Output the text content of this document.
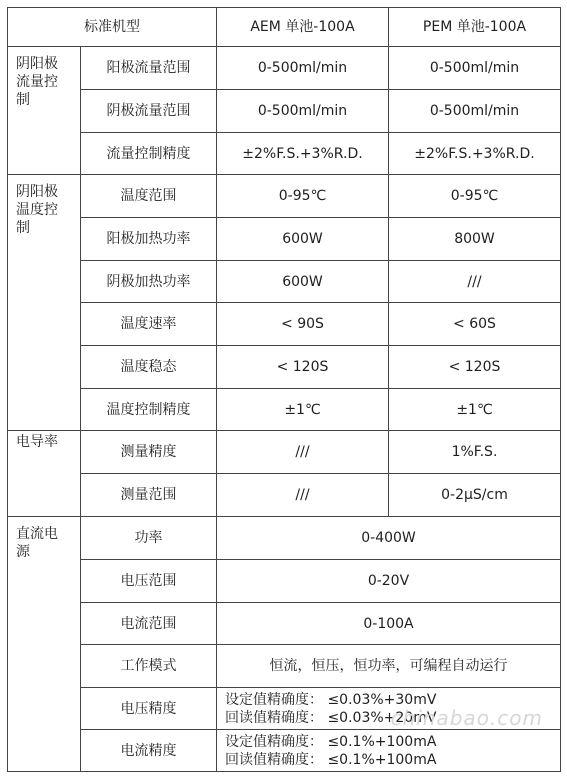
标准机型		AEM 单池-100A	PEM 单池-100A

阴阳极
流量控
制	阳极流量范围	0-500ml/min	0-500ml/min
	阴极流量范围	0-500ml/min	0-500ml/min
	流量控制精度	±2%F.S.+3%R.D.	±2%F.S.+3%R.D.

阴阳极
温度控
制	温度范围	0-95℃	0-95℃
	阳极加热功率	600W	800W
	阴极加热功率	600W	///
	温度速率	< 90S	< 60S
	温度稳态	< 120S	< 120S
	温度控制精度	±1℃	±1℃

电导率	测量精度	///	1%F.S.
	测量范围	///	0-2μS/cm

直流电
源	功率	0-400W	
	电压范围	0-20V	
	电流范围	0-100A	
	工作模式	恒流，恒压，恒功率，可编程自动运行	
	电压精度	设定值精确度： ≤0.03%+30mV
回读值精确度： ≤0.03%+20mV	

	电流精度	设定值精确度： ≤0.1%+100mA
回读值精确度： ≤0.1%+100mA	
chinabao.com
